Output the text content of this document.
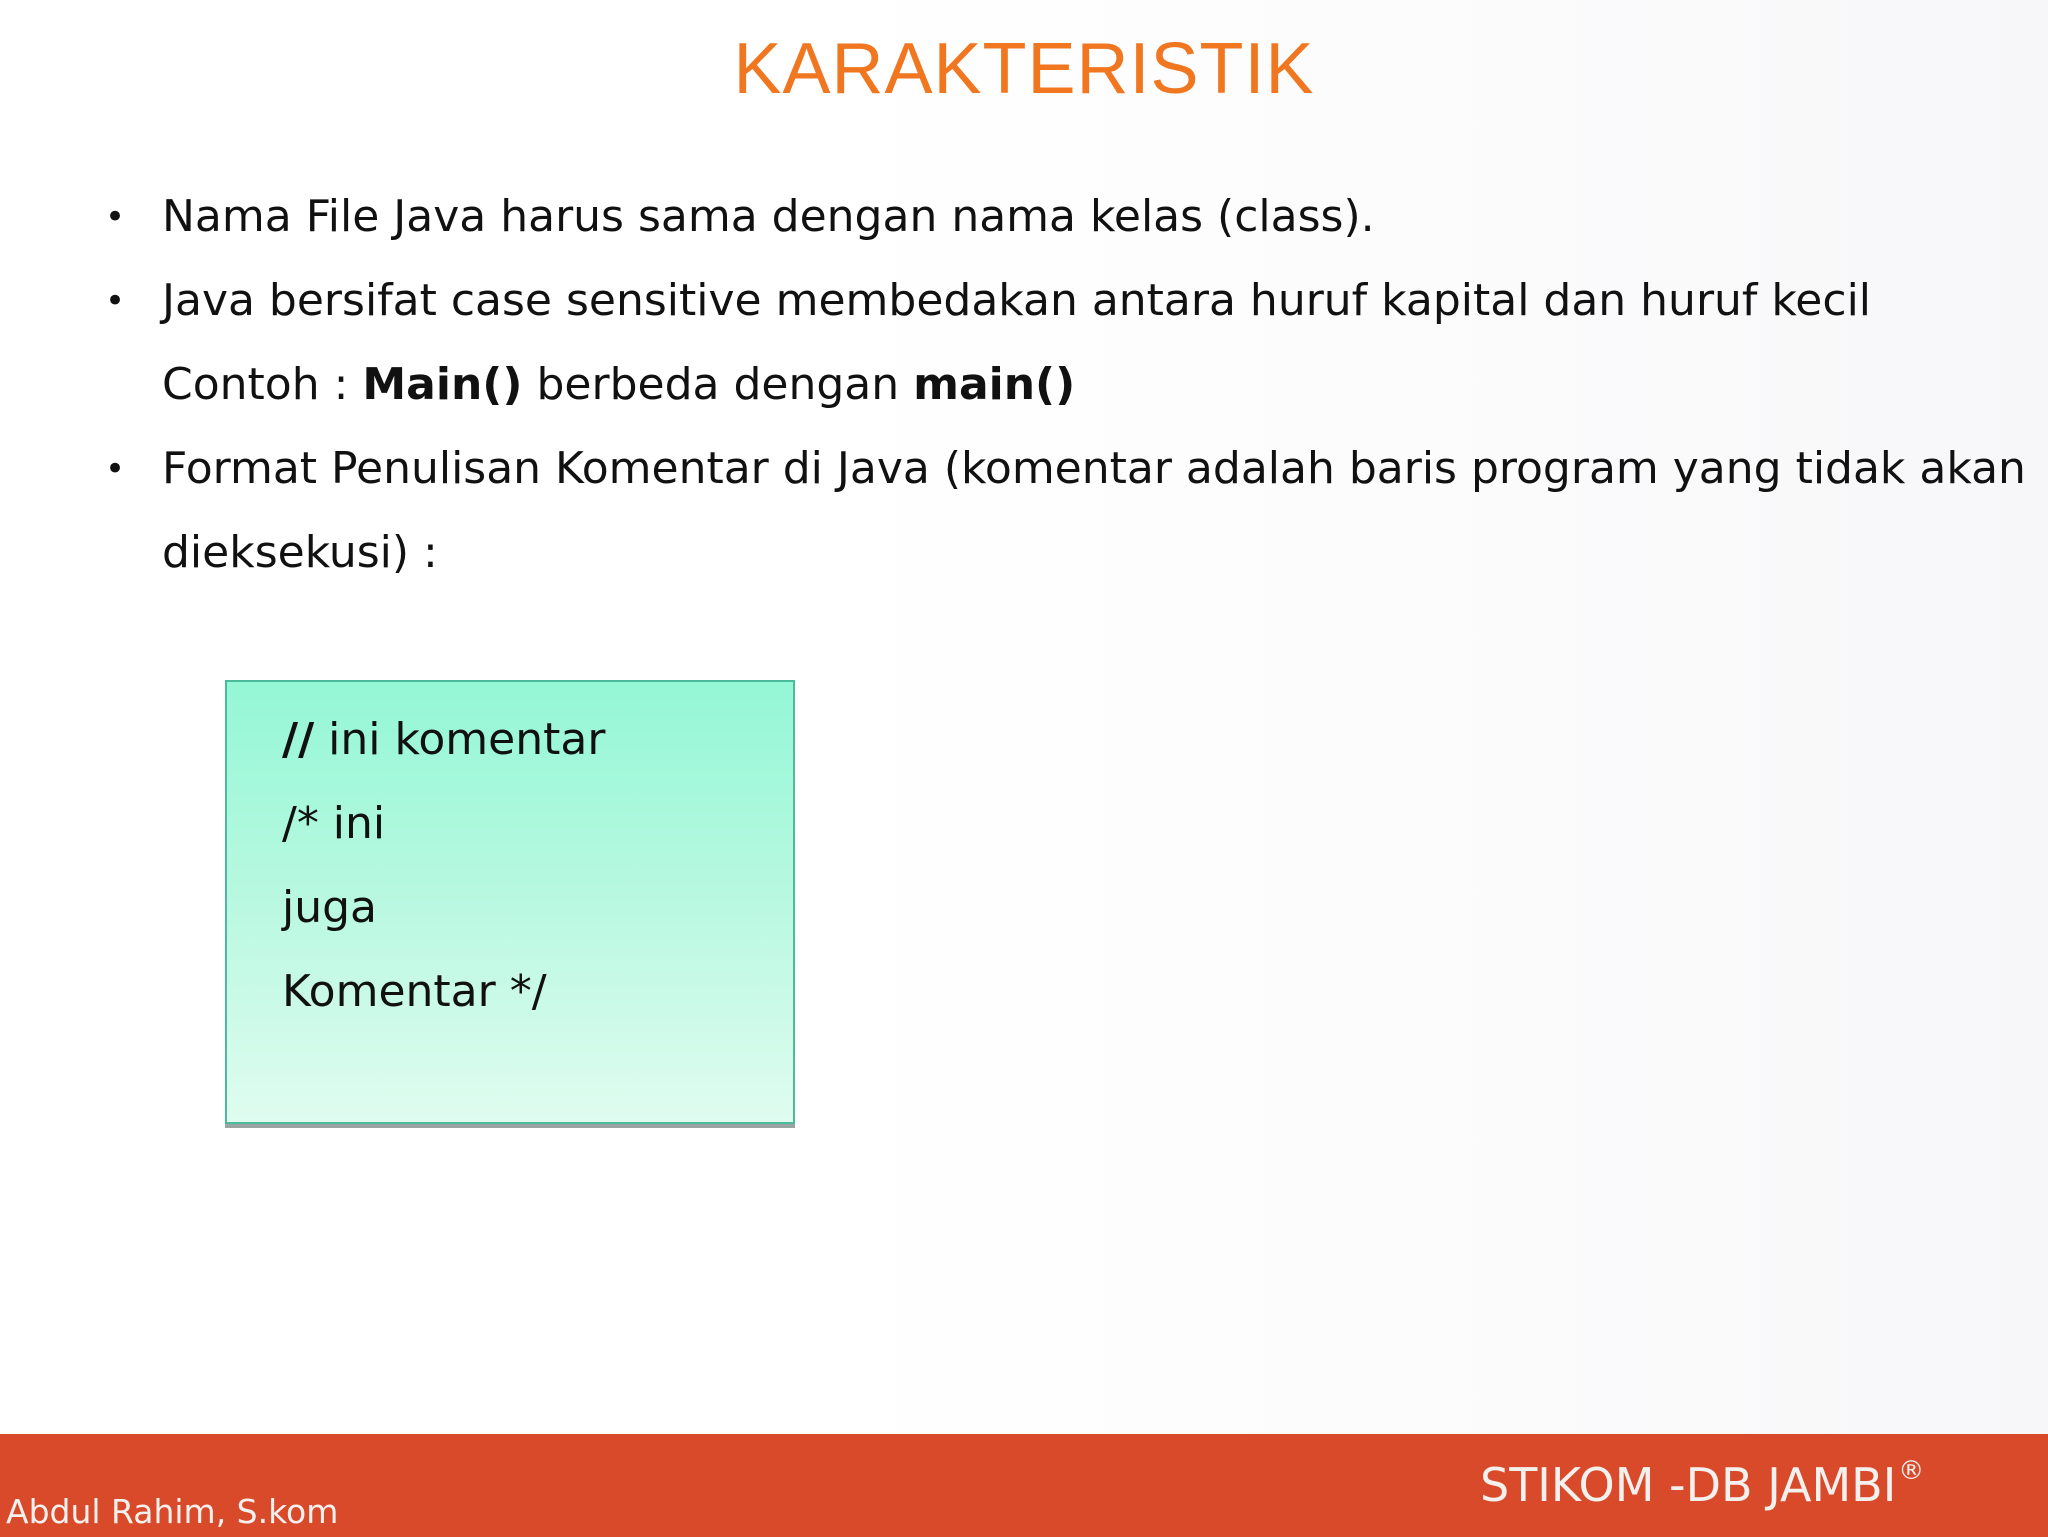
KARAKTERISTIK
• Nama File Java harus sama dengan nama kelas (class).
• Java bersifat case sensitive membedakan antara huruf kapital dan huruf kecil
Contoh : Main() berbeda dengan main()
• Format Penulisan Komentar di Java (komentar adalah baris program yang tidak akan
dieksekusi) :
// ini komentar
/* ini
juga
Komentar */
Abdul Rahim, S.kom	STIKOM -DB JAMBI®
